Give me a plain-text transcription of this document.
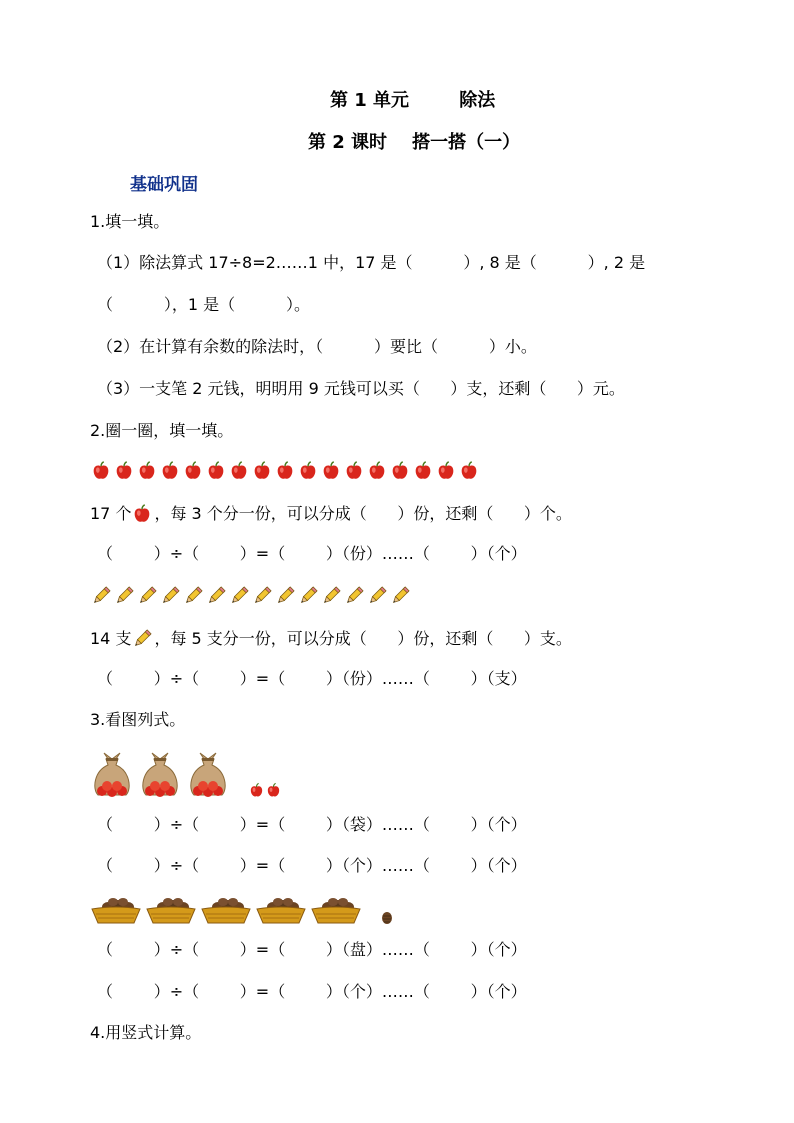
第 1 单元        除法
第 2 课时    搭一搭（一）
基础巩固
1.填一填。
（1）除法算式 17÷8=2……1 中，17 是（          ）, 8 是（          ）, 2 是
（          ），1 是（          ）。
（2）在计算有余数的除法时，（          ）要比（          ）小。
（3）一支笔 2 元钱，明明用 9 元钱可以买（      ）支，还剩（      ）元。
2.圈一圈，填一填。
17 个 ，每 3 个分一份，可以分成（      ）份，还剩（      ）个。
（        ）÷（        ）=（        ）（份）……（        ）（个）
14 支 ，每 5 支分一份，可以分成（      ）份，还剩（      ）支。
（        ）÷（        ）=（        ）（份）……（        ）（支）
3.看图列式。
（        ）÷（        ）=（        ）（袋）……（        ）（个）
（        ）÷（        ）=（        ）（个）……（        ）（个）
（        ）÷（        ）=（        ）（盘）……（        ）（个）
（        ）÷（        ）=（        ）（个）……（        ）（个）
4.用竖式计算。
